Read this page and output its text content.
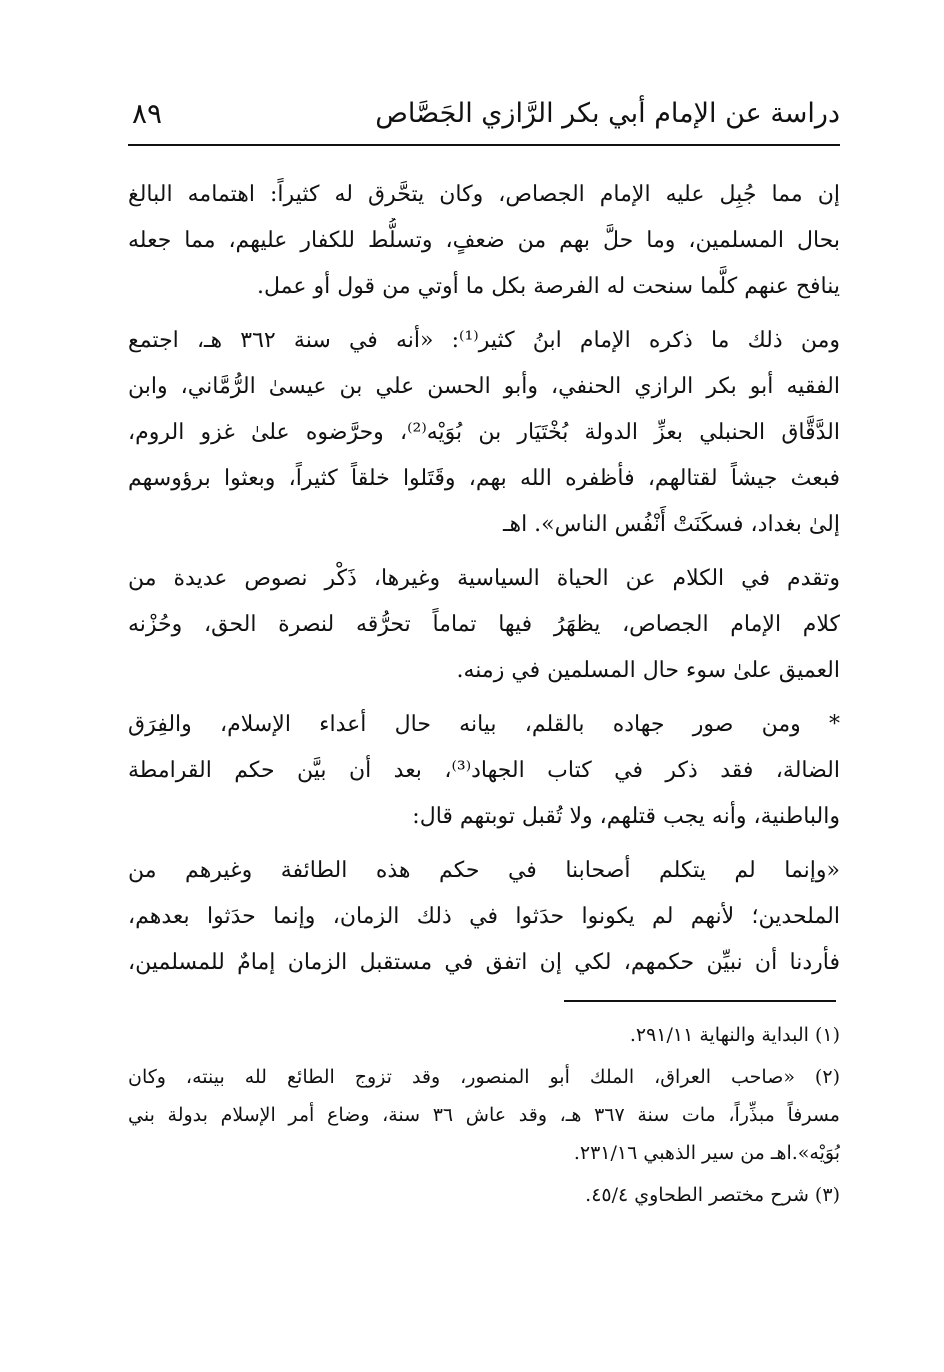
دراسة عن الإمام أبي بكر الرَّازي الجَصَّاص
٨٩
إن مما جُبِل عليه الإمام الجصاص، وكان يتحَّرق له كثيراً: اهتمامه البالغ
بحال المسلمين، وما حلَّ بهم من ضعفٍ، وتسلُّط للكفار عليهم، مما جعله
ينافح عنهم كلَّما سنحت له الفرصة بكل ما أوتي من قول أو عمل.
ومن ذلك ما ذكره الإمام ابنُ كثير⁽¹⁾: «أنه في سنة ٣٦٢ هـ، اجتمع
الفقيه أبو بكر الرازي الحنفي، وأبو الحسن علي بن عيسىٰ الرُّمَّاني، وابن
الدَّقَّاق الحنبلي بعزِّ الدولة بُخْتَيَار بن بُوَيْه⁽²⁾، وحرَّضوه علىٰ غزو الروم،
فبعث جيشاً لقتالهم، فأظفره الله بهم، وقَتَلوا خلقاً كثيراً، وبعثوا برؤوسهم
إلىٰ بغداد، فسكَنَتْ أَنْفُس الناس». اهـ
وتقدم في الكلام عن الحياة السياسية وغيرها، ذَكْر نصوص عديدة من
كلام الإمام الجصاص، يظهَرُ فيها تماماً تحرُّقه لنصرة الحق، وحُزْنه
العميق علىٰ سوء حال المسلمين في زمنه.
* ومن صور جهاده بالقلم، بيانه حال أعداء الإسلام، والفِرَق
الضالة، فقد ذكر في كتاب الجهاد⁽³⁾، بعد أن بيَّن حكم القرامطة
والباطنية، وأنه يجب قتلهم، ولا تُقبل توبتهم قال:
«وإنما لم يتكلم أصحابنا في حكم هذه الطائفة وغيرهم من
الملحدين؛ لأنهم لم يكونوا حدَثوا في ذلك الزمان، وإنما حدَثوا بعدهم،
فأردنا أن نبيِّن حكمهم، لكي إن اتفق في مستقبل الزمان إمامٌ للمسلمين،
(١) البداية والنهاية ٢٩١/١١.
(٢) «صاحب العراق، الملك أبو المنصور، وقد تزوج الطائع لله بينته، وكان
مسرفاً مبذِّراً، مات سنة ٣٦٧ هـ، وقد عاش ٣٦ سنة، وضاع أمر الإسلام بدولة بني
بُوَيْه».اهـ من سير الذهبي ٢٣١/١٦.
(٣) شرح مختصر الطحاوي ٤٥/٤.
